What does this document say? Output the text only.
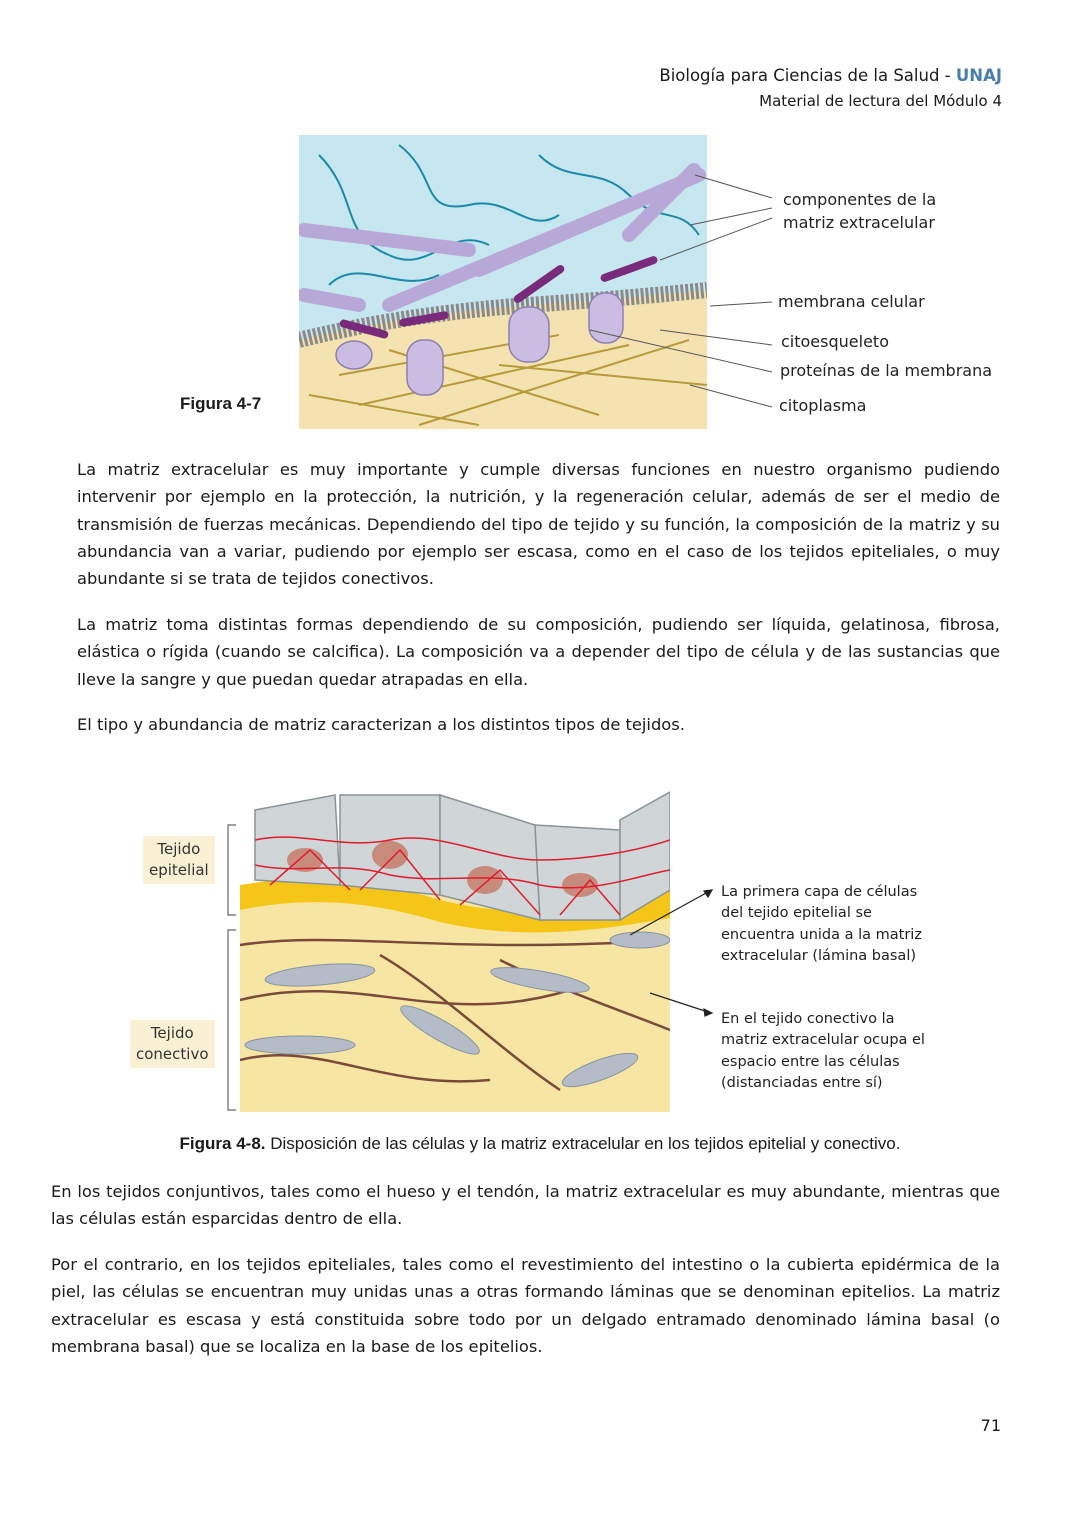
Biología para Ciencias de la Salud - UNAJ
Material de lectura del Módulo 4
Figura 4-7
componentes de la
matriz extracelular
membrana celular
citoesqueleto
proteínas de la membrana
citoplasma

La matriz extracelular es muy importante y cumple diversas funciones en nuestro organismo pudiendo intervenir por ejemplo en la protección, la nutrición, y la regeneración celular, además de ser el medio de transmisión de fuerzas mecánicas. Dependiendo del tipo de tejido y su función, la composición de la matriz y su abundancia van a variar, pudiendo por ejemplo ser escasa, como en el caso de los tejidos epiteliales, o muy abundante si se trata de tejidos conectivos.

La matriz toma distintas formas dependiendo de su composición, pudiendo ser líquida, gelatinosa, fibrosa, elástica o rígida (cuando se calcifica). La composición va a depender del tipo de célula y de las sustancias que lleve la sangre y que puedan quedar atrapadas en ella.

El tipo y abundancia de matriz caracterizan a los distintos tipos de tejidos.

Tejido
epitelial
Tejido
conectivo
La primera capa de células
del tejido epitelial se
encuentra unida a la matriz
extracelular (lámina basal)
En el tejido conectivo la
matriz extracelular ocupa el
espacio entre las células
(distanciadas entre sí)
Figura 4-8. Disposición de las células y la matriz extracelular en los tejidos epitelial y conectivo.

En los tejidos conjuntivos, tales como el hueso y el tendón, la matriz extracelular es muy abundante, mientras que las células están esparcidas dentro de ella.

Por el contrario, en los tejidos epiteliales, tales como el revestimiento del intestino o la cubierta epidérmica de la piel, las células se encuentran muy unidas unas a otras formando láminas que se denominan epitelios. La matriz extracelular es escasa y está constituida sobre todo por un delgado entramado denominado lámina basal (o membrana basal) que se localiza en la base de los epitelios.

71
